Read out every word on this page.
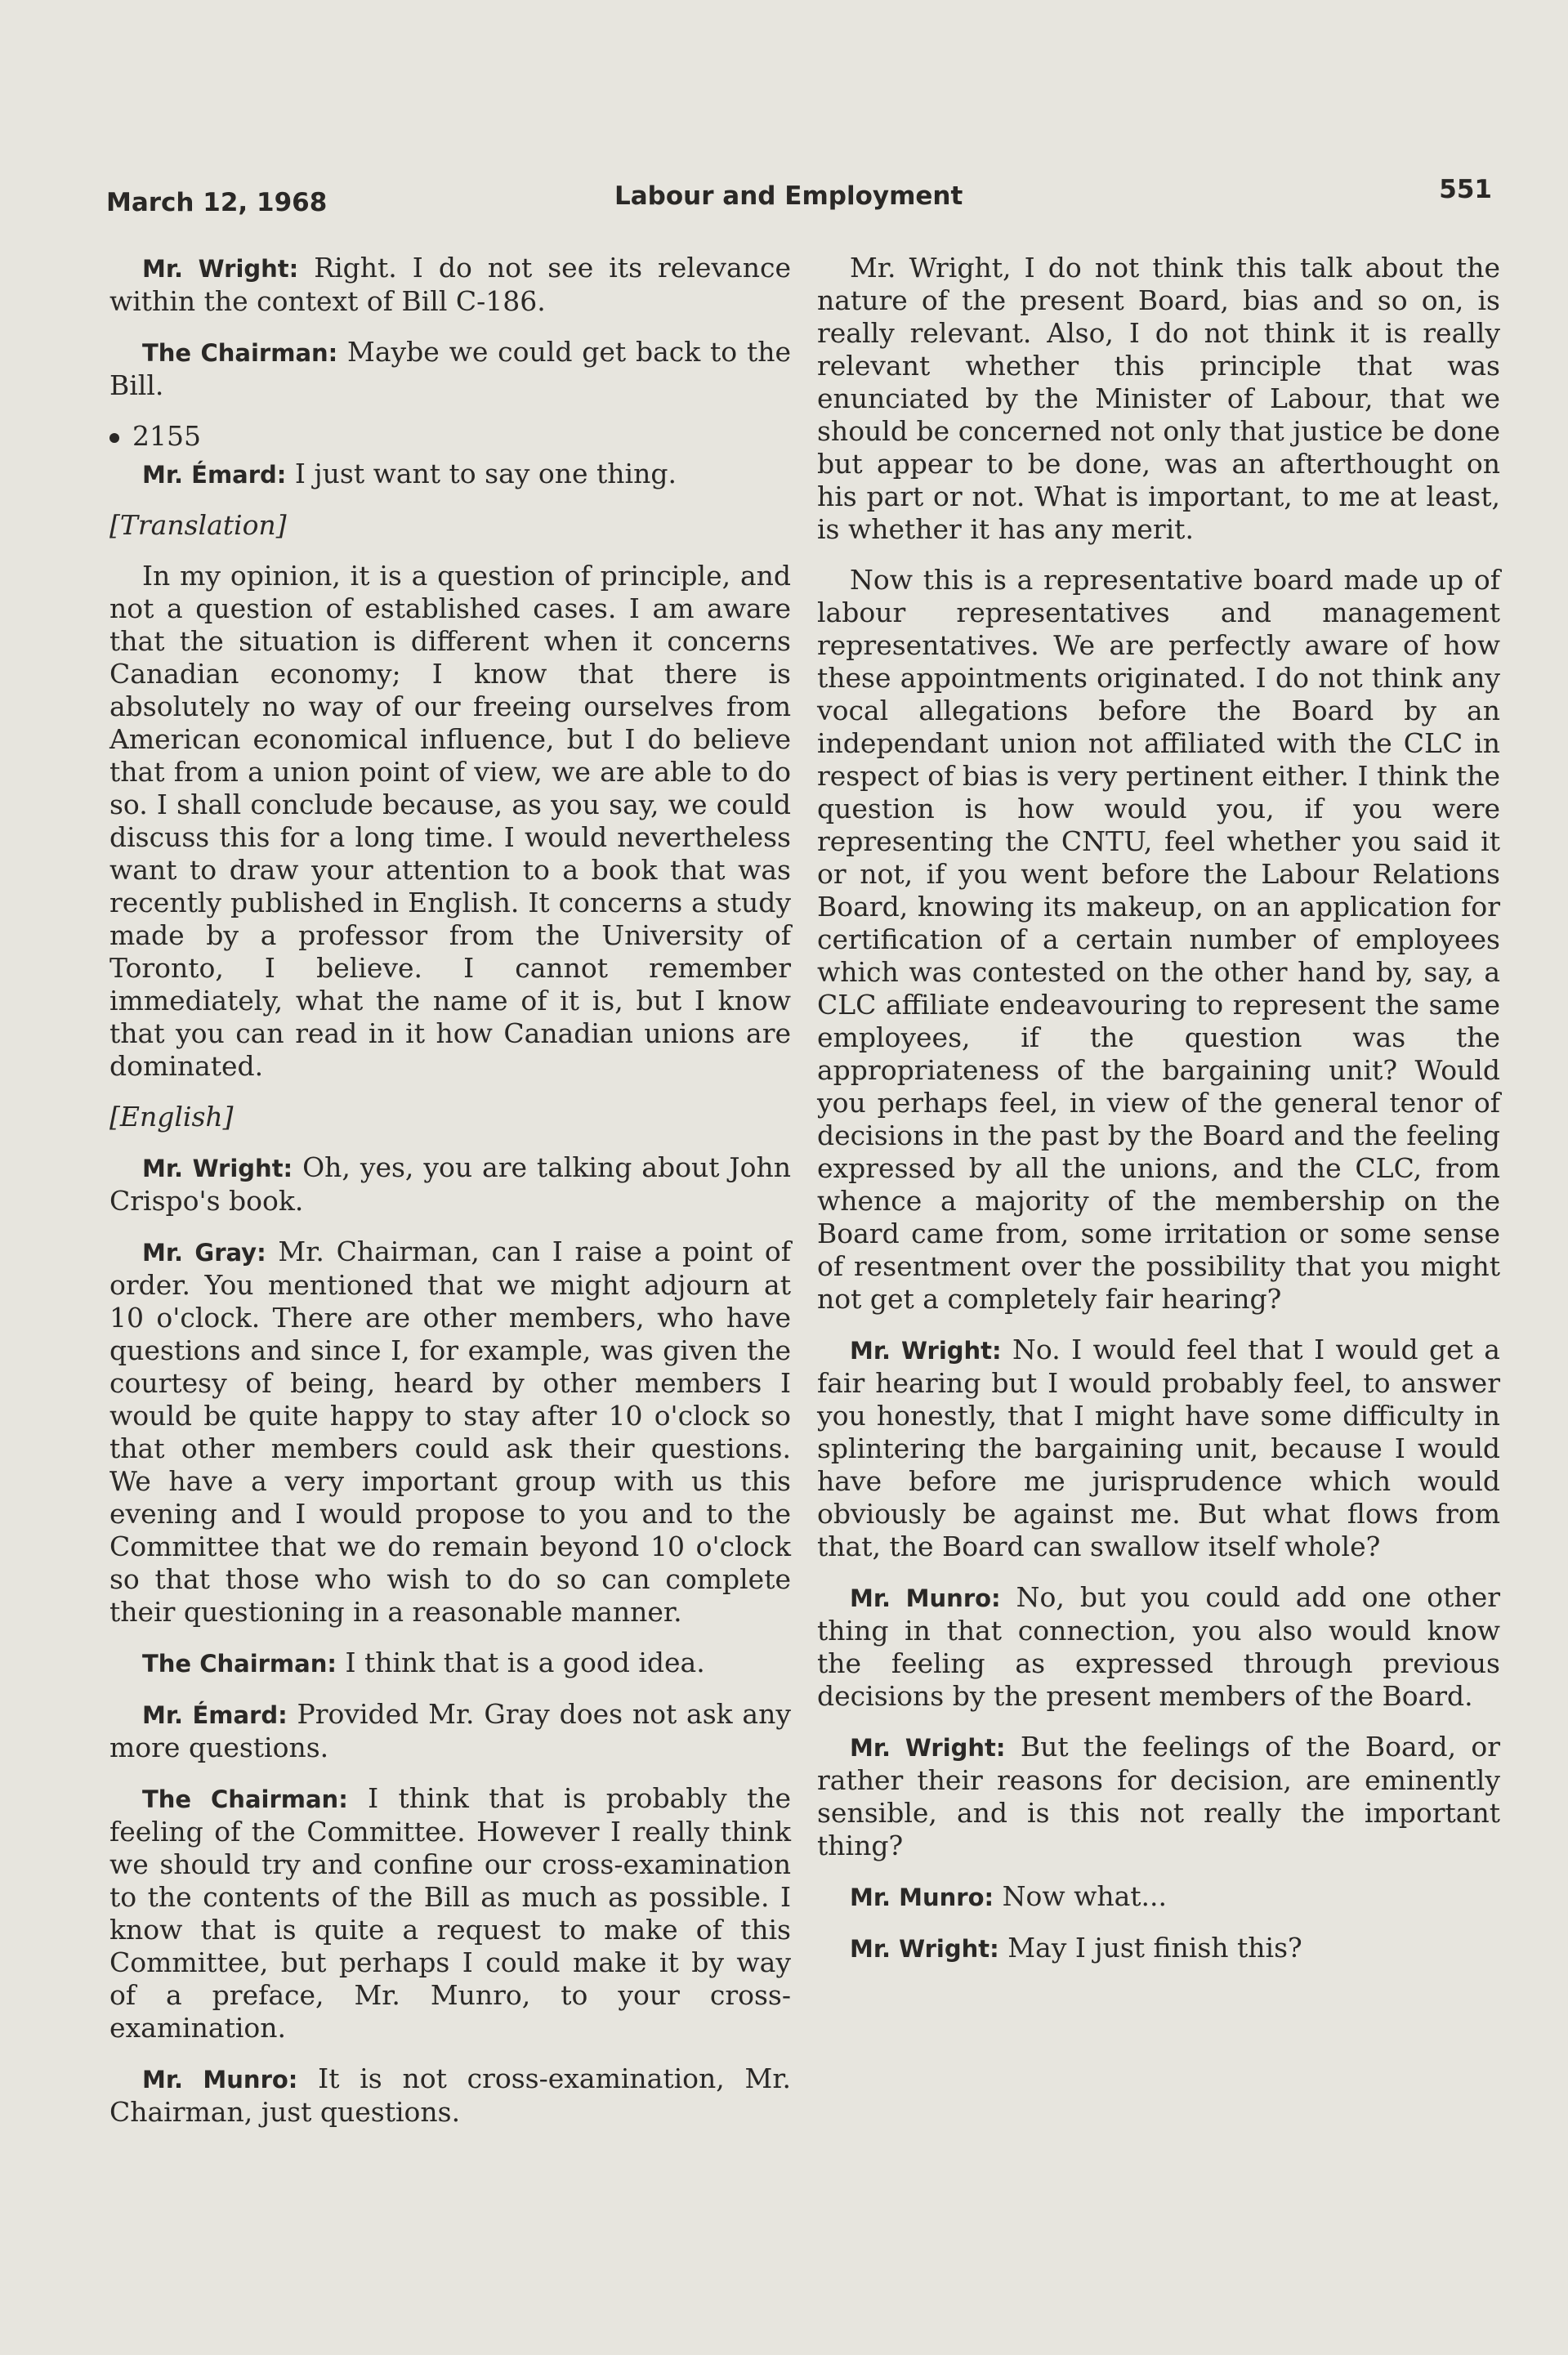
March 12, 1968	Labour and Employment	551

Mr. Wright: Right. I do not see its relevance within the context of Bill C-186.

The Chairman: Maybe we could get back to the Bill.

2155

Mr. Émard: I just want to say one thing.

[Translation]

In my opinion, it is a question of principle, and not a question of established cases. I am aware that the situation is different when it concerns Canadian economy; I know that there is absolutely no way of our freeing ourselves from American economical influence, but I do believe that from a union point of view, we are able to do so. I shall conclude because, as you say, we could discuss this for a long time. I would nevertheless want to draw your attention to a book that was recently published in English. It concerns a study made by a professor from the University of Toronto, I believe. I cannot remember immediately, what the name of it is, but I know that you can read in it how Canadian unions are dominated.

[English]

Mr. Wright: Oh, yes, you are talking about John Crispo's book.

Mr. Gray: Mr. Chairman, can I raise a point of order. You mentioned that we might adjourn at 10 o'clock. There are other members, who have questions and since I, for example, was given the courtesy of being, heard by other members I would be quite happy to stay after 10 o'clock so that other members could ask their questions. We have a very important group with us this evening and I would propose to you and to the Committee that we do remain beyond 10 o'clock so that those who wish to do so can complete their questioning in a reasonable manner.

The Chairman: I think that is a good idea.

Mr. Émard: Provided Mr. Gray does not ask any more questions.

The Chairman: I think that is probably the feeling of the Committee. However I really think we should try and confine our cross-examination to the contents of the Bill as much as possible. I know that is quite a request to make of this Committee, but perhaps I could make it by way of a preface, Mr. Munro, to your cross-examination.

Mr. Munro: It is not cross-examination, Mr. Chairman, just questions.

Mr. Wright, I do not think this talk about the nature of the present Board, bias and so on, is really relevant. Also, I do not think it is really relevant whether this principle that was enunciated by the Minister of Labour, that we should be concerned not only that justice be done but appear to be done, was an afterthought on his part or not. What is important, to me at least, is whether it has any merit.

Now this is a representative board made up of labour representatives and management representatives. We are perfectly aware of how these appointments originated. I do not think any vocal allegations before the Board by an independant union not affiliated with the CLC in respect of bias is very pertinent either. I think the question is how would you, if you were representing the CNTU, feel whether you said it or not, if you went before the Labour Relations Board, knowing its makeup, on an application for certification of a certain number of employees which was contested on the other hand by, say, a CLC affiliate endeavouring to represent the same employees, if the question was the appropriateness of the bargaining unit? Would you perhaps feel, in view of the general tenor of decisions in the past by the Board and the feeling expressed by all the unions, and the CLC, from whence a majority of the membership on the Board came from, some irritation or some sense of resentment over the possibility that you might not get a completely fair hearing?

Mr. Wright: No. I would feel that I would get a fair hearing but I would probably feel, to answer you honestly, that I might have some difficulty in splintering the bargaining unit, because I would have before me jurisprudence which would obviously be against me. But what flows from that, the Board can swallow itself whole?

Mr. Munro: No, but you could add one other thing in that connection, you also would know the feeling as expressed through previous decisions by the present members of the Board.

Mr. Wright: But the feelings of the Board, or rather their reasons for decision, are eminently sensible, and is this not really the important thing?

Mr. Munro: Now what...

Mr. Wright: May I just finish this?
